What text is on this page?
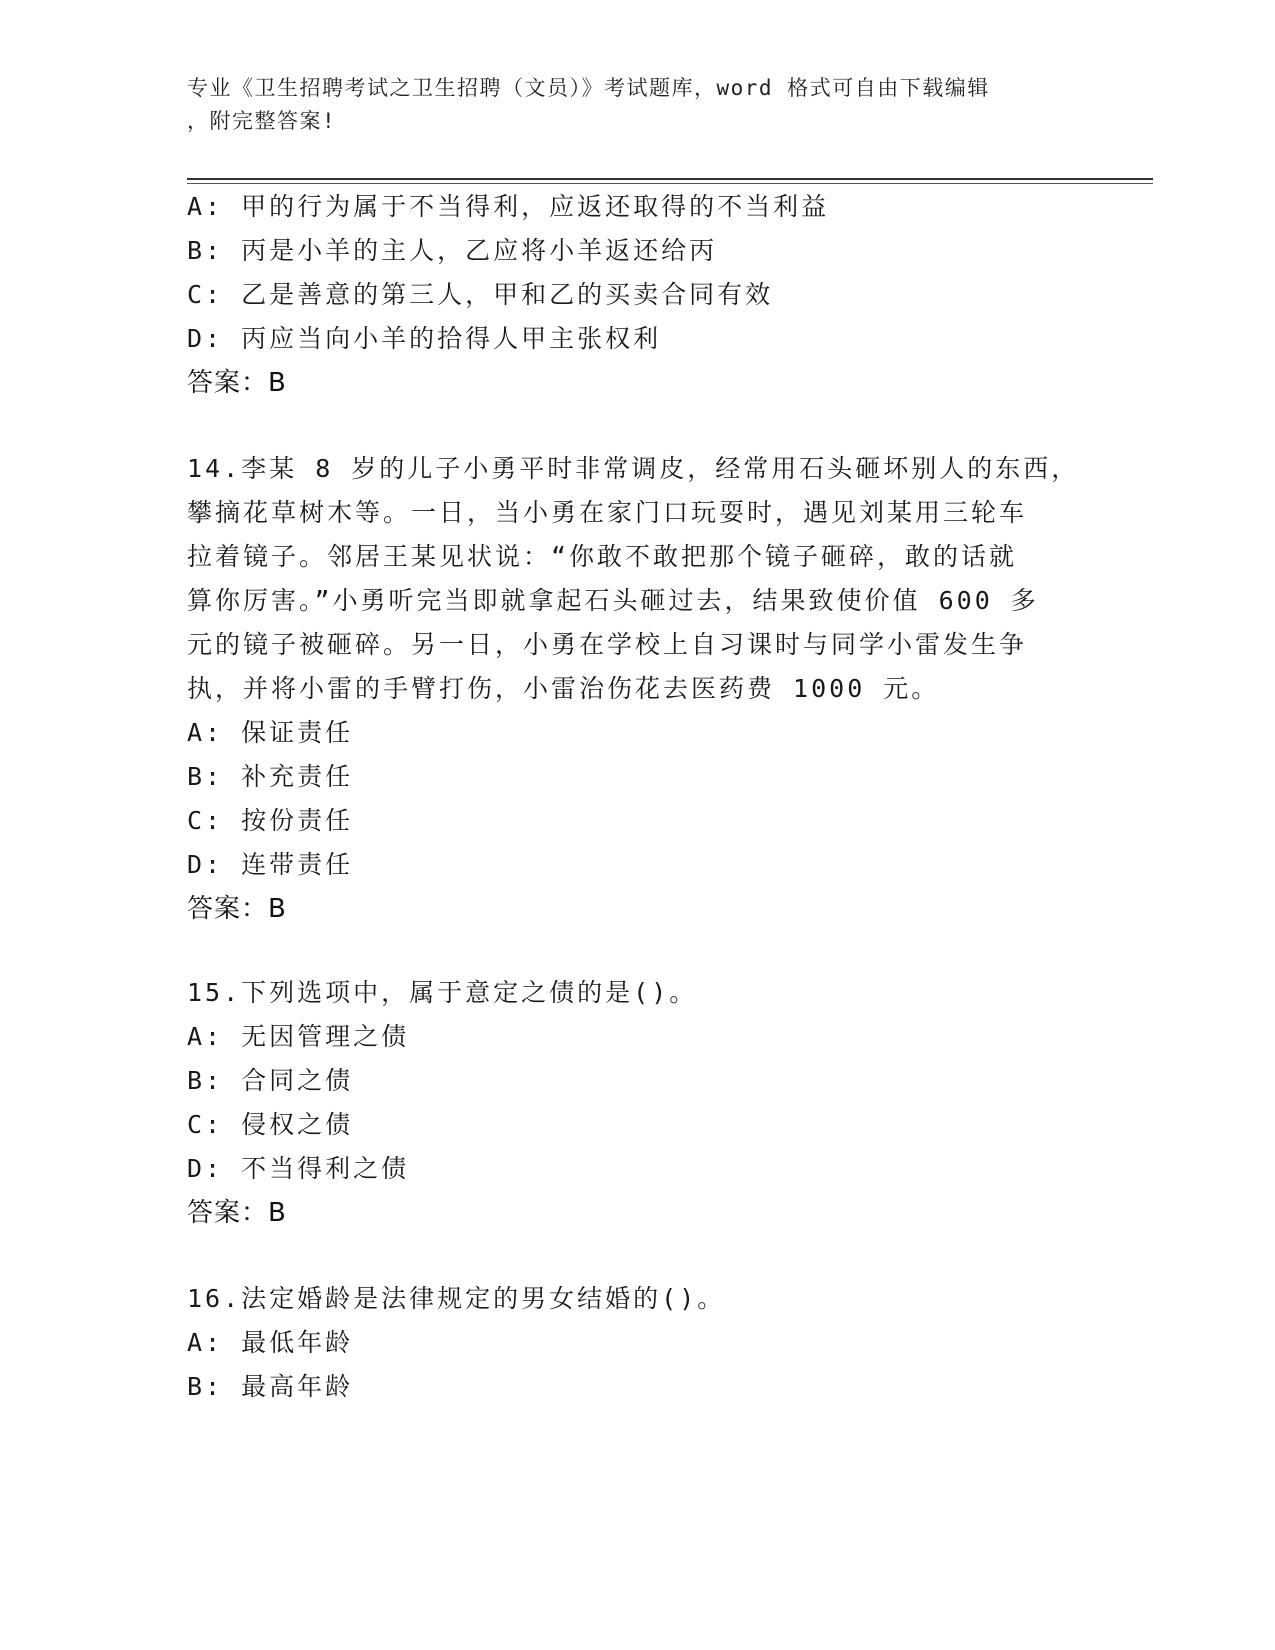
专业《卫生招聘考试之卫生招聘（文员）》考试题库，word 格式可自由下载编辑
，附完整答案!
A: 甲的行为属于不当得利，应返还取得的不当利益
B: 丙是小羊的主人，乙应将小羊返还给丙
C: 乙是善意的第三人，甲和乙的买卖合同有效
D: 丙应当向小羊的拾得人甲主张权利
答案：B
14.李某 8 岁的儿子小勇平时非常调皮，经常用石头砸坏别人的东西，
攀摘花草树木等。一日，当小勇在家门口玩耍时，遇见刘某用三轮车
拉着镜子。邻居王某见状说：“你敢不敢把那个镜子砸碎，敢的话就
算你厉害。”小勇听完当即就拿起石头砸过去，结果致使价值 600 多
元的镜子被砸碎。另一日，小勇在学校上自习课时与同学小雷发生争
执，并将小雷的手臂打伤，小雷治伤花去医药费 1000 元。
A: 保证责任
B: 补充责任
C: 按份责任
D: 连带责任
答案：B
15.下列选项中，属于意定之债的是()。
A: 无因管理之债
B: 合同之债
C: 侵权之债
D: 不当得利之债
答案：B
16.法定婚龄是法律规定的男女结婚的()。
A: 最低年龄
B: 最高年龄
